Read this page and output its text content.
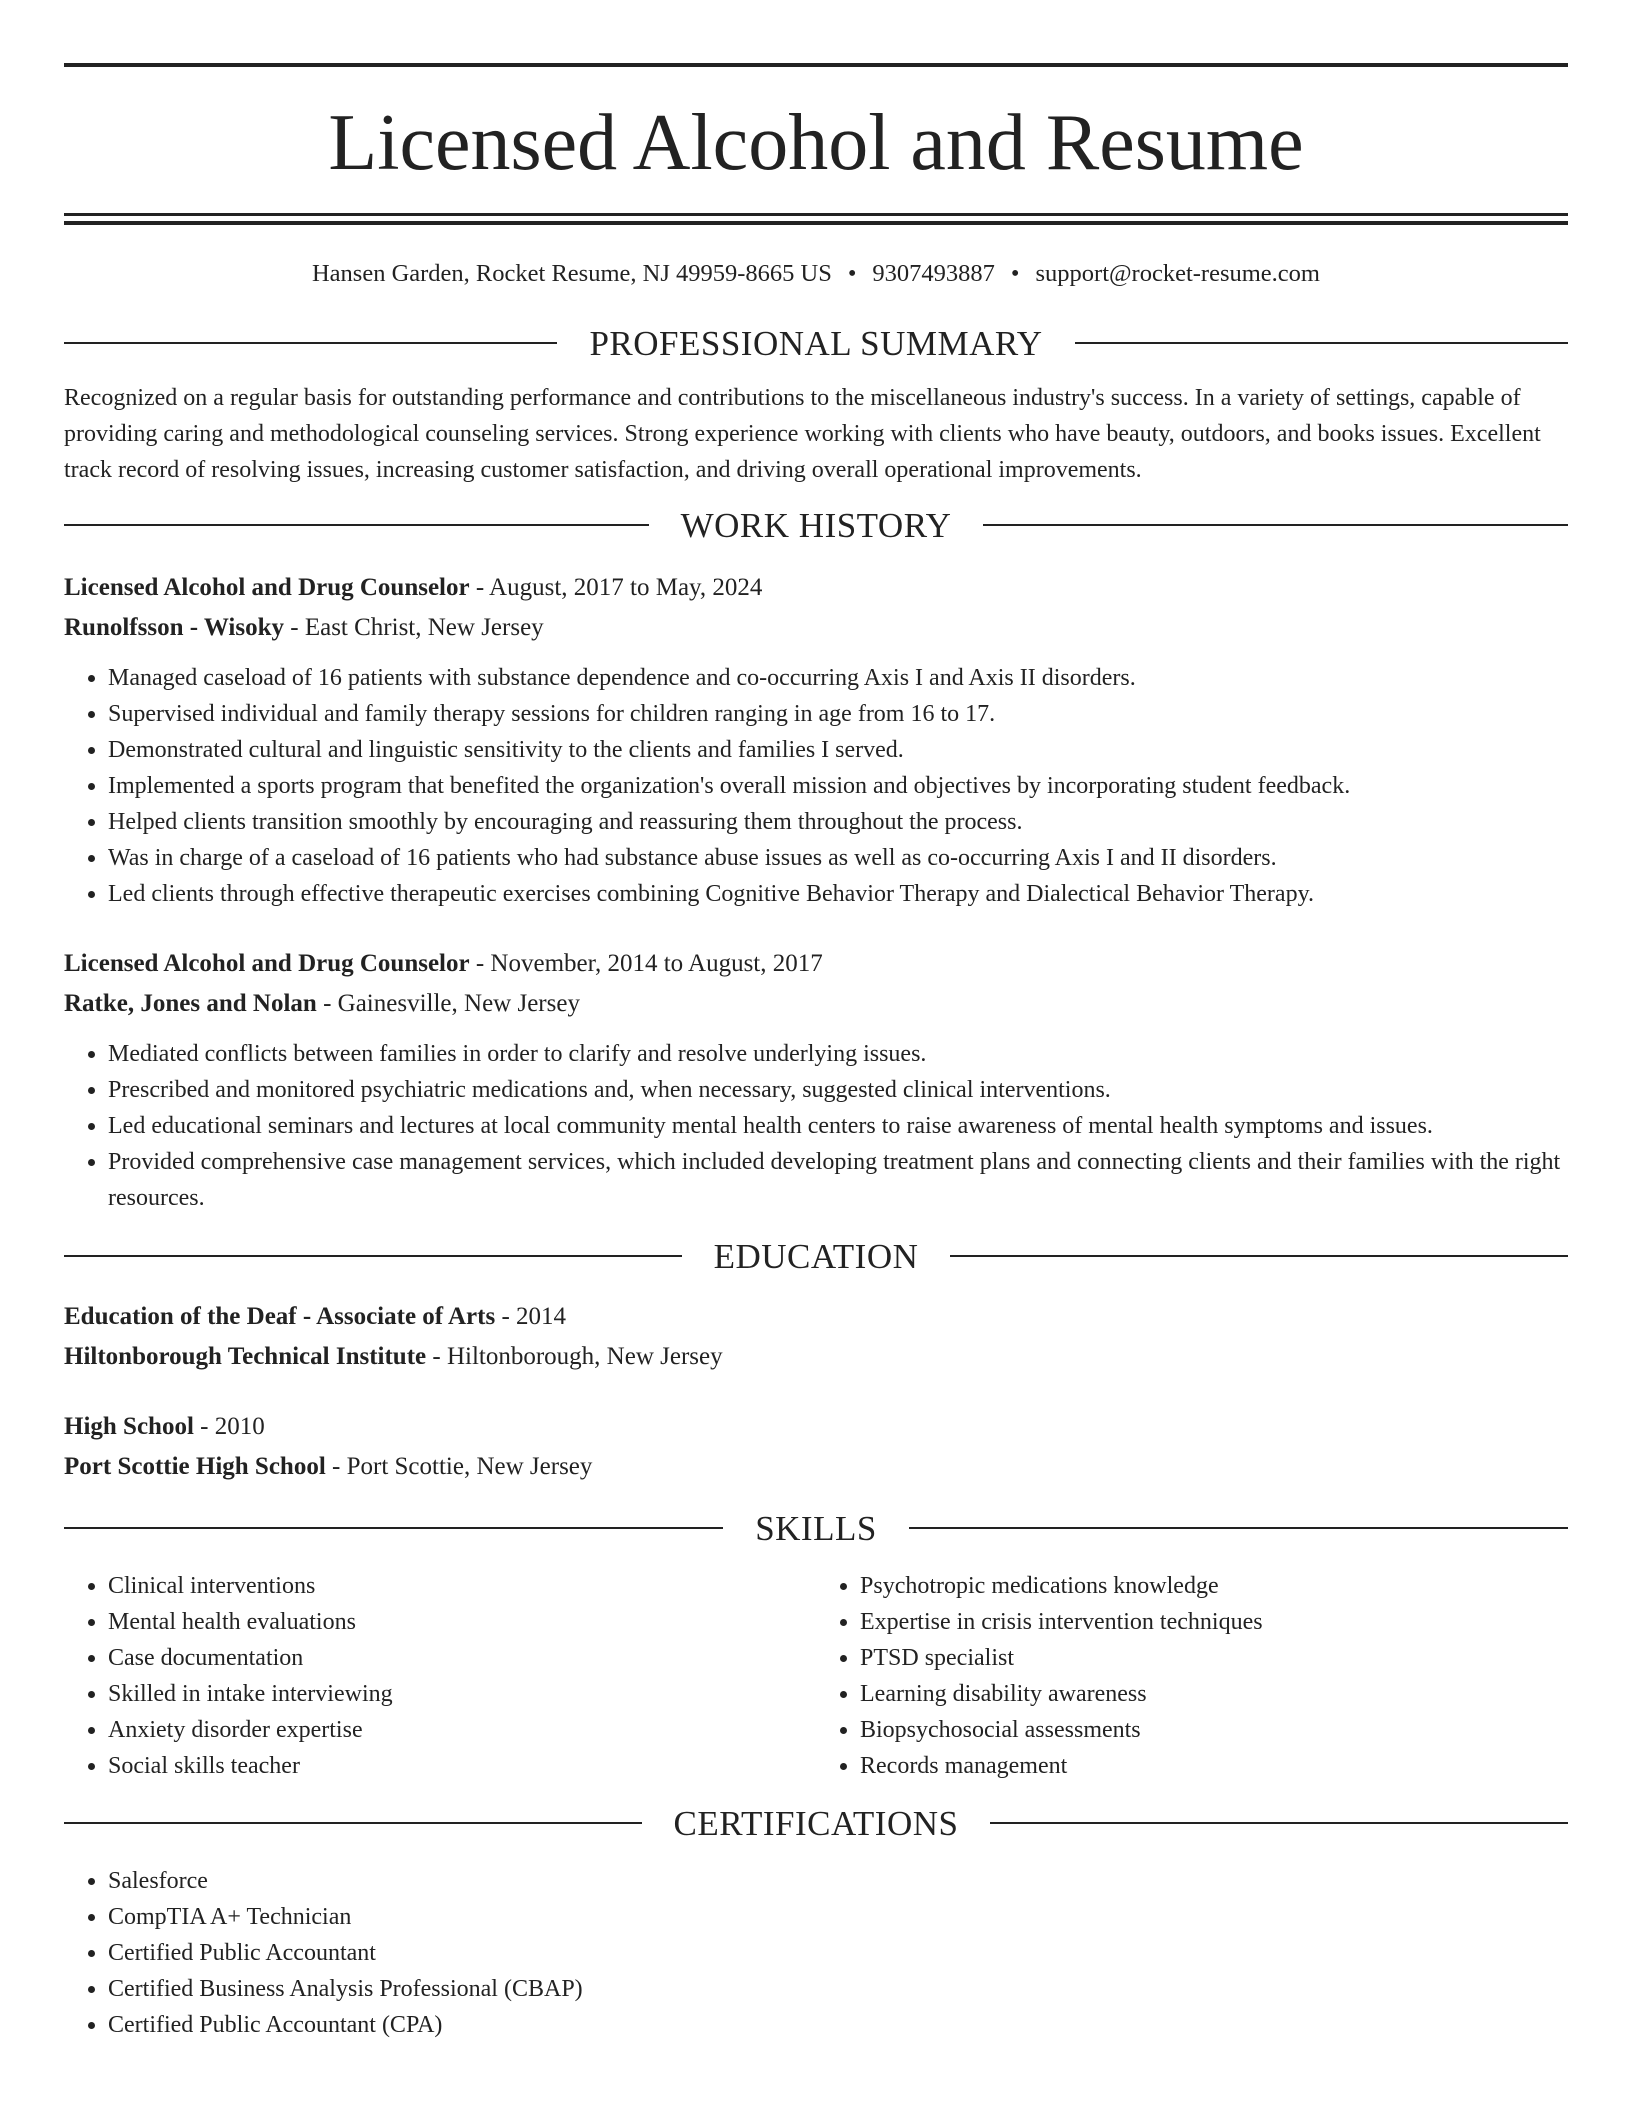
Licensed Alcohol and Resume
Hansen Garden, Rocket Resume, NJ 49959-8665 US • 9307493887 • support@rocket-resume.com
PROFESSIONAL SUMMARY

Recognized on a regular basis for outstanding performance and contributions to the miscellaneous industry's success. In a variety of settings, capable of providing caring and methodological counseling services. Strong experience working with clients who have beauty, outdoors, and books issues. Excellent track record of resolving issues, increasing customer satisfaction, and driving overall operational improvements.

WORK HISTORY
Licensed Alcohol and Drug Counselor - August, 2017 to May, 2024
Runolfsson - Wisoky - East Christ, New Jersey
• Managed caseload of 16 patients with substance dependence and co-occurring Axis I and Axis II disorders.
• Supervised individual and family therapy sessions for children ranging in age from 16 to 17.
• Demonstrated cultural and linguistic sensitivity to the clients and families I served.
• Implemented a sports program that benefited the organization's overall mission and objectives by incorporating student feedback.
• Helped clients transition smoothly by encouraging and reassuring them throughout the process.
• Was in charge of a caseload of 16 patients who had substance abuse issues as well as co-occurring Axis I and II disorders.
• Led clients through effective therapeutic exercises combining Cognitive Behavior Therapy and Dialectical Behavior Therapy.
Licensed Alcohol and Drug Counselor - November, 2014 to August, 2017
Ratke, Jones and Nolan - Gainesville, New Jersey
• Mediated conflicts between families in order to clarify and resolve underlying issues.
• Prescribed and monitored psychiatric medications and, when necessary, suggested clinical interventions.
• Led educational seminars and lectures at local community mental health centers to raise awareness of mental health symptoms and issues.
• Provided comprehensive case management services, which included developing treatment plans and connecting clients and their families with the right resources.
EDUCATION
Education of the Deaf - Associate of Arts - 2014
Hiltonborough Technical Institute - Hiltonborough, New Jersey
High School - 2010
Port Scottie High School - Port Scottie, New Jersey
SKILLS
• Clinical interventions
• Mental health evaluations
• Case documentation
• Skilled in intake interviewing
• Anxiety disorder expertise
• Social skills teacher
• Psychotropic medications knowledge
• Expertise in crisis intervention techniques
• PTSD specialist
• Learning disability awareness
• Biopsychosocial assessments
• Records management
CERTIFICATIONS
• Salesforce
• CompTIA A+ Technician
• Certified Public Accountant
• Certified Business Analysis Professional (CBAP)
• Certified Public Accountant (CPA)
